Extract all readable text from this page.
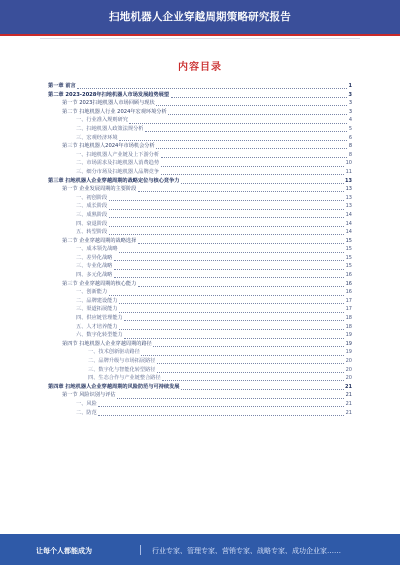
扫地机器人企业穿越周期策略研究报告
内容目录
第一章 前言	1
第二章 2023-2028年扫地机器人市场发展趋势展望	3
第一节 2023扫地机器人市场回顾与现状	3
第二节 扫地机器人行业 2024年宏观环境分析	3
一、行业准入规则研究	4
二、扫地机器人政策法规分析	5
三、宏观经济环境	6
第三节 扫地机器人2024年市场机会分析	8
一、扫地机器人产业链及上下游分析	8
二、市场需求及扫地机器人消费趋势	10
三、细分市场及扫地机器人品牌竞争	11
第三章 扫地机器人企业穿越周期的战略定位与核心竞争力	13
第一节 企业发展周期的主要阶段	13
一、初创阶段	13
二、成长阶段	13
三、成熟阶段	14
四、衰退阶段	14
五、转型阶段	14
第二节 企业穿越周期的战略选择	15
一、成本领先战略	15
二、差异化战略	15
三、专业化战略	15
四、多元化战略	16
第三节 企业穿越周期的核心能力	16
一、创新能力	16
二、品牌建设能力	17
三、渠道拓展能力	17
四、供应链管理能力	18
五、人才培养能力	18
六、数字化转型能力	19
第四节 扫地机器人企业穿越周期的路径	19
一、技术创新驱动路径	19
二、品牌升级与市场拓展路径	20
三、数字化与智能化转型路径	20
四、生态合作与产业链整合路径	20
第四章 扫地机器人企业穿越周期的风险防范与可持续发展	21
第一节 风险识别与评估	21
一、风险	21
二、防范	21
让每个人都能成为	行业专家、管理专家、营销专家、战略专家、成功企业家……
